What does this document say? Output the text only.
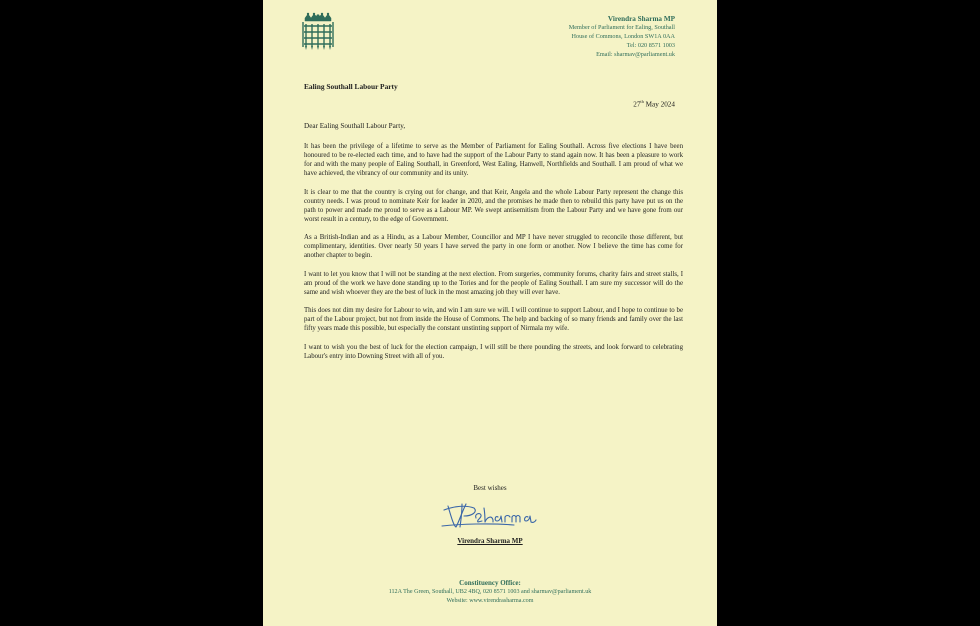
Virendra Sharma MP
Member of Parliament for Ealing, Southall
House of Commons, London SW1A 0AA
Tel: 020 8571 1003
Email: sharmav@parliament.uk
Ealing Southall Labour Party
27th May 2024
Dear Ealing Southall Labour Party,

It has been the privilege of a lifetime to serve as the Member of Parliament for Ealing Southall. Across five elections I have been honoured to be re-elected each time, and to have had the support of the Labour Party to stand again now. It has been a pleasure to work for and with the many people of Ealing Southall, in Greenford, West Ealing, Hanwell, Northfields and Southall. I am proud of what we have achieved, the vibrancy of our community and its unity.

It is clear to me that the country is crying out for change, and that Keir, Angela and the whole Labour Party represent the change this country needs. I was proud to nominate Keir for leader in 2020, and the promises he made then to rebuild this party have put us on the path to power and made me proud to serve as a Labour MP. We swept antisemitism from the Labour Party and we have gone from our worst result in a century, to the edge of Government.

As a British-Indian and as a Hindu, as a Labour Member, Councillor and MP I have never struggled to reconcile those different, but complimentary, identities. Over nearly 50 years I have served the party in one form or another. Now I believe the time has come for another chapter to begin.

I want to let you know that I will not be standing at the next election. From surgeries, community forums, charity fairs and street stalls, I am proud of the work we have done standing up to the Tories and for the people of Ealing Southall. I am sure my successor will do the same and wish whoever they are the best of luck in the most amazing job they will ever have.

This does not dim my desire for Labour to win, and win I am sure we will. I will continue to support Labour, and I hope to continue to be part of the Labour project, but not from inside the House of Commons. The help and backing of so many friends and family over the last fifty years made this possible, but especially the constant unstinting support of Nirmala my wife.

I want to wish you the best of luck for the election campaign, I will still be there pounding the streets, and look forward to celebrating Labour's entry into Downing Street with all of you.

Best wishes
Virendra Sharma MP
Constituency Office:
112A The Green, Southall, UB2 4BQ, 020 8571 1003 and sharmav@parliament.uk
Website: www.virendrasharma.com
